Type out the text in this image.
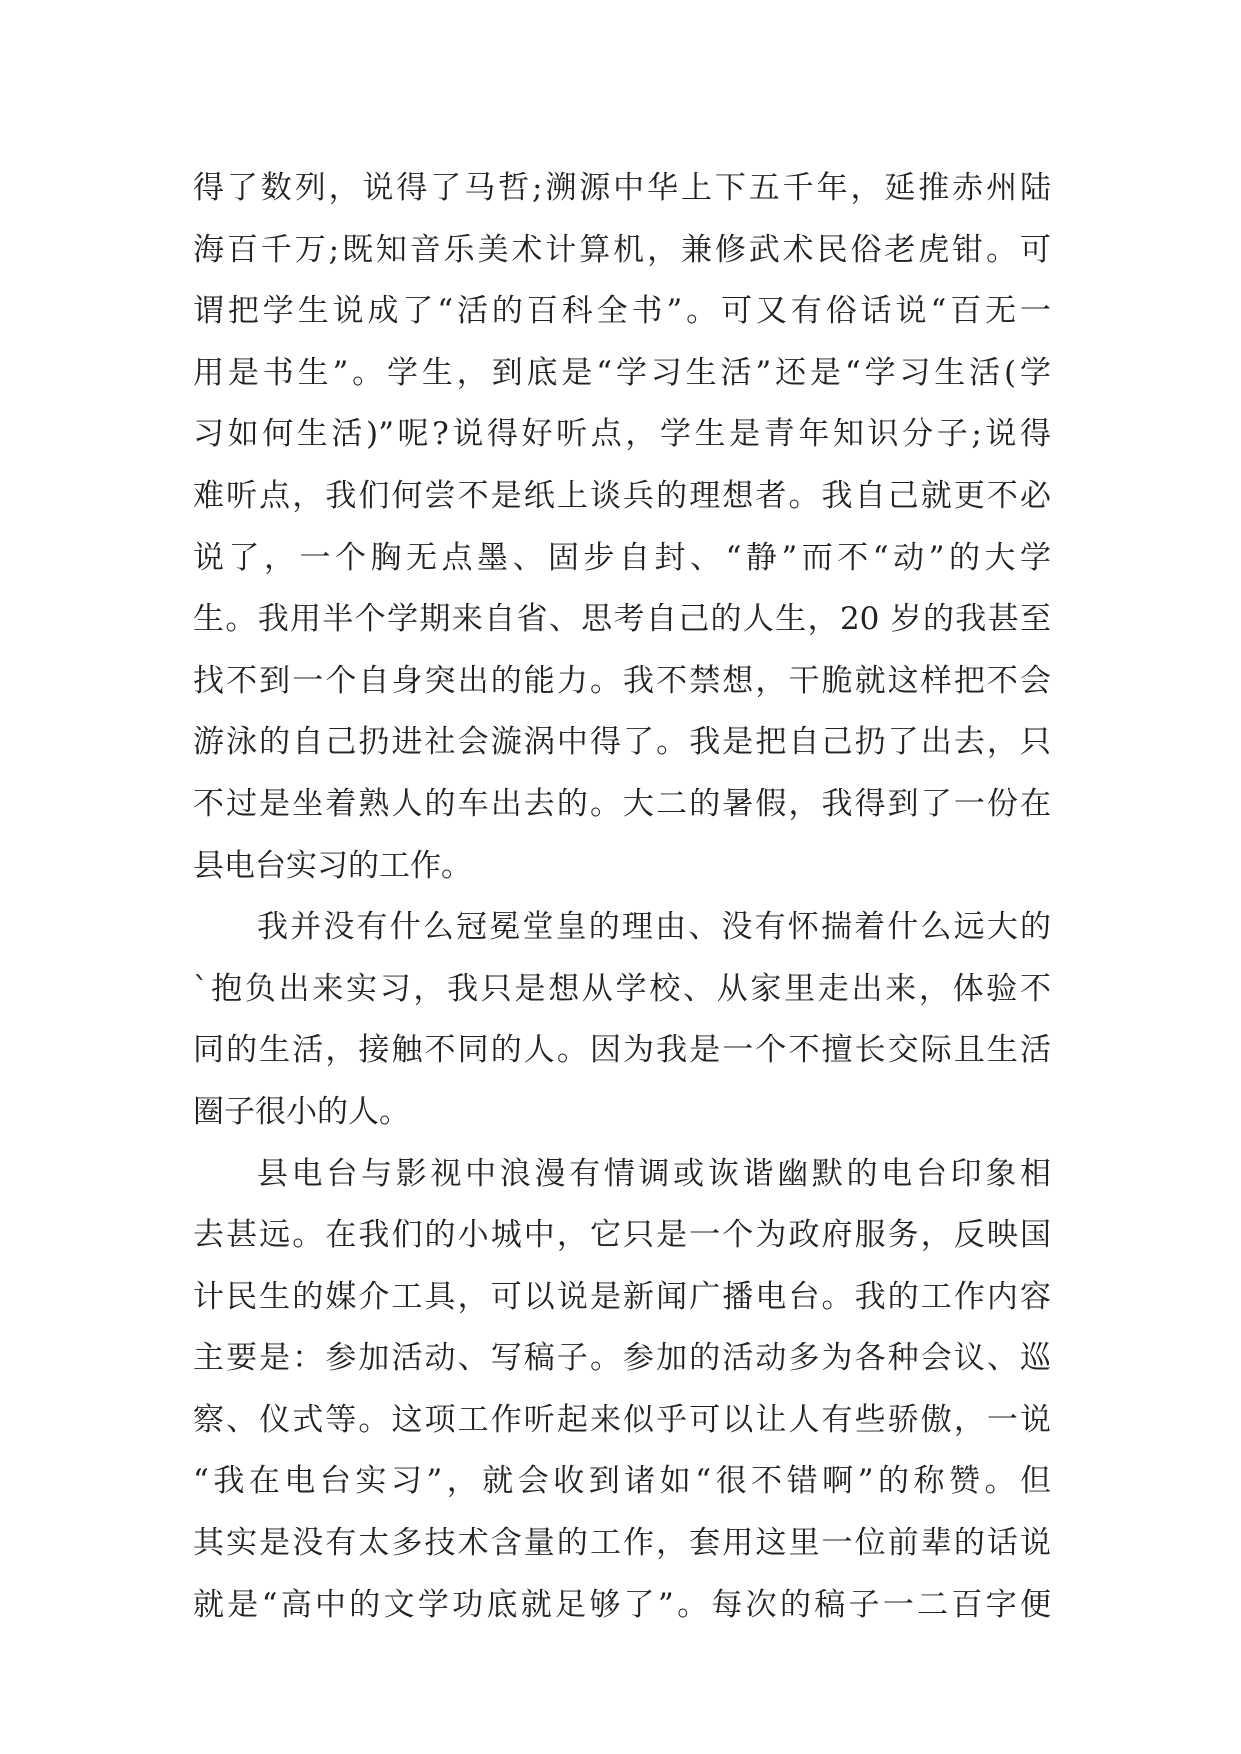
得了数列，说得了马哲;溯源中华上下五千年，延推赤州陆
海百千万;既知音乐美术计算机，兼修武术民俗老虎钳。可
谓把学生说成了“活的百科全书”。可又有俗话说“百无一
用是书生”。学生，到底是“学习生活”还是“学习生活(学
习如何生活)”呢?说得好听点，学生是青年知识分子;说得
难听点，我们何尝不是纸上谈兵的理想者。我自己就更不必
说了，一个胸无点墨、固步自封、“静”而不“动”的大学
生。我用半个学期来自省、思考自己的人生，20 岁的我甚至
找不到一个自身突出的能力。我不禁想，干脆就这样把不会
游泳的自己扔进社会漩涡中得了。我是把自己扔了出去，只
不过是坐着熟人的车出去的。大二的暑假，我得到了一份在
县电台实习的工作。
我并没有什么冠冕堂皇的理由、没有怀揣着什么远大的
`抱负出来实习，我只是想从学校、从家里走出来，体验不
同的生活，接触不同的人。因为我是一个不擅长交际且生活
圈子很小的人。
县电台与影视中浪漫有情调或诙谐幽默的电台印象相
去甚远。在我们的小城中，它只是一个为政府服务，反映国
计民生的媒介工具，可以说是新闻广播电台。我的工作内容
主要是：参加活动、写稿子。参加的活动多为各种会议、巡
察、仪式等。这项工作听起来似乎可以让人有些骄傲，一说
“我在电台实习”，就会收到诸如“很不错啊”的称赞。但
其实是没有太多技术含量的工作，套用这里一位前辈的话说
就是“高中的文学功底就足够了”。每次的稿子一二百字便
